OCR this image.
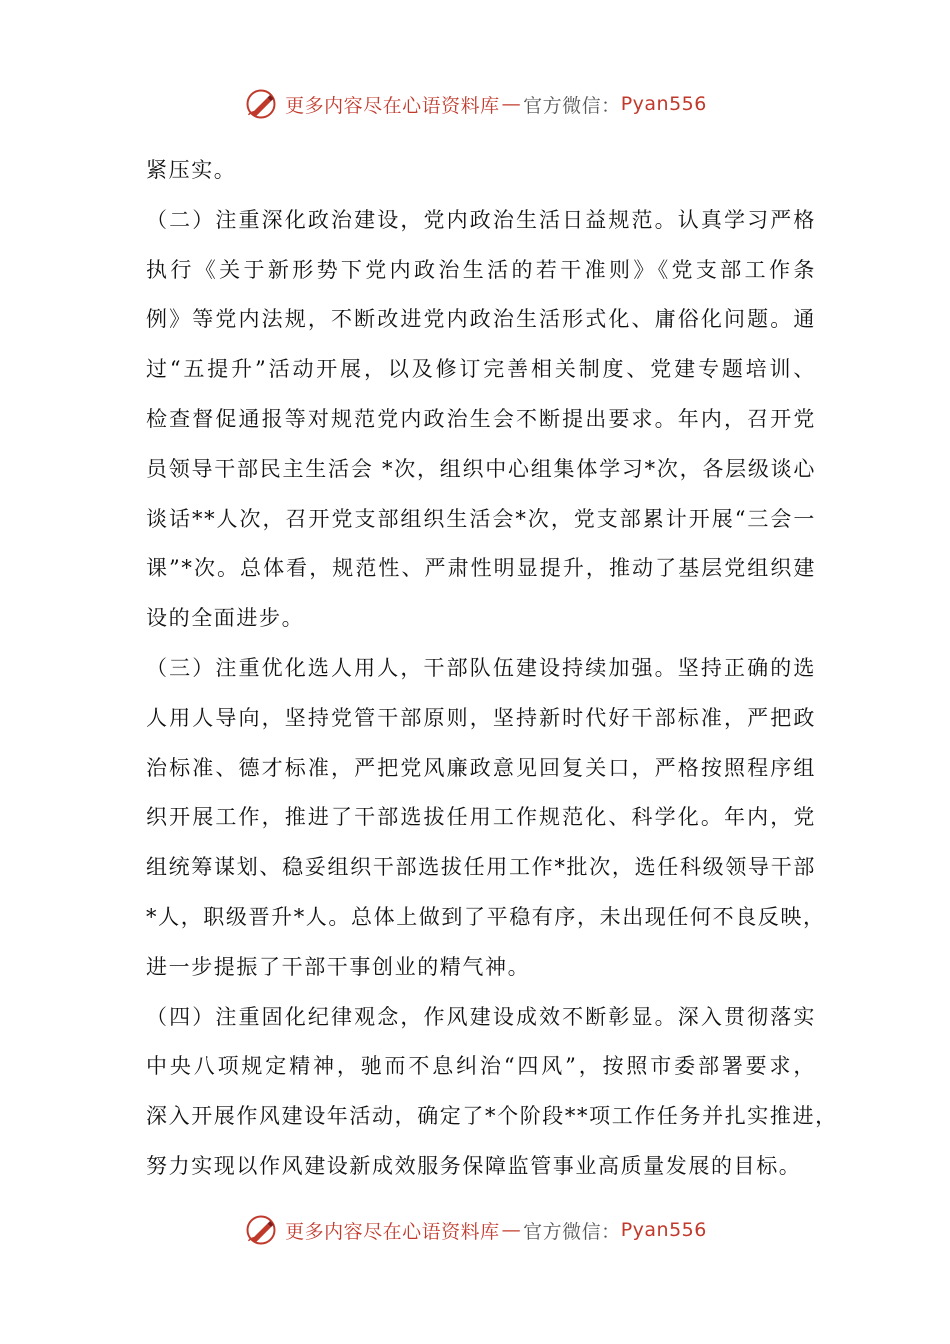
更多内容尽在心语资料库 — 官方微信： Pyan556

紧压实。

（二）注重深化政治建设，党内政治生活日益规范。认真学习严格
执行《关于新形势下党内政治生活的若干准则》《党支部工作条
例》等党内法规，不断改进党内政治生活形式化、庸俗化问题。通
过“五提升”活动开展，以及修订完善相关制度、党建专题培训、
检查督促通报等对规范党内政治生会不断提出要求。年内，召开党
员领导干部民主生活会 *次，组织中心组集体学习*次，各层级谈心
谈话**人次，召开党支部组织生活会*次，党支部累计开展“三会一
课”*次。总体看，规范性、严肃性明显提升，推动了基层党组织建
设的全面进步。

（三）注重优化选人用人，干部队伍建设持续加强。坚持正确的选
人用人导向，坚持党管干部原则，坚持新时代好干部标准，严把政
治标准、德才标准，严把党风廉政意见回复关口，严格按照程序组
织开展工作，推进了干部选拔任用工作规范化、科学化。年内，党
组统筹谋划、稳妥组织干部选拔任用工作*批次，选任科级领导干部
*人，职级晋升*人。总体上做到了平稳有序，未出现任何不良反映，
进一步提振了干部干事创业的精气神。

（四）注重固化纪律观念，作风建设成效不断彰显。深入贯彻落实
中央八项规定精神，驰而不息纠治“四风”，按照市委部署要求，
深入开展作风建设年活动，确定了*个阶段**项工作任务并扎实推进，
努力实现以作风建设新成效服务保障监管事业高质量发展的目标。

更多内容尽在心语资料库 — 官方微信： Pyan556
